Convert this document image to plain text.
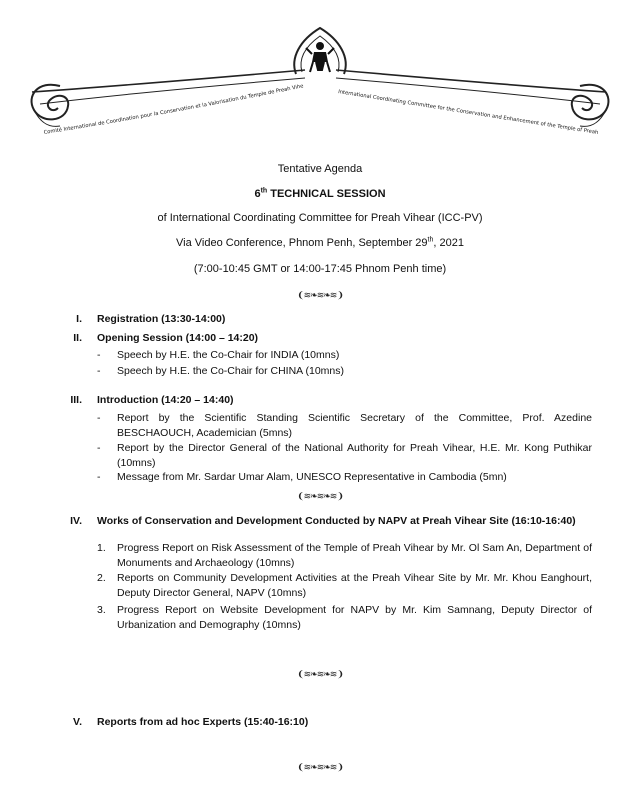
Comité International de Coordination pour la Conservation et la Valorisation du Temple de Preah Vihe
International Coordinating Committee for the Conservation and Enhancement of the Temple of Preah
Tentative Agenda
6th TECHNICAL SESSION
of International Coordinating Committee for Preah Vihear (ICC-PV)
Via Video Conference, Phnom Penh, September 29th, 2021
(7:00-10:45 GMT or 14:00-17:45 Phnom Penh time)
❨≋❧≋❧≋❩
I. Registration (13:30-14:00)
II. Opening Session (14:00 – 14:20)
-	Speech by H.E. the Co-Chair for INDIA (10mns)
-	Speech by H.E. the Co-Chair for CHINA (10mns)
III. Introduction (14:20 – 14:40)
-	Report by the Scientific Standing Scientific Secretary of the Committee, Prof. Azedine BESCHAOUCH, Academician (5mns)
-	Report by the Director General of the National Authority for Preah Vihear, H.E. Mr. Kong Puthikar (10mns)
-	Message from Mr. Sardar Umar Alam, UNESCO Representative in Cambodia (5mn)
❨≋❧≋❧≋❩
IV. Works of Conservation and Development Conducted by NAPV at Preah Vihear Site (16:10-16:40)
1.	Progress Report on Risk Assessment of the Temple of Preah Vihear by Mr. Ol Sam An, Department of Monuments and Archaeology (10mns)
2.	Reports on Community Development Activities at the Preah Vihear Site by Mr. Mr. Khou Eanghourt, Deputy Director General, NAPV (10mns)
3.	Progress Report on Website Development for NAPV by Mr. Kim Samnang, Deputy Director of Urbanization and Demography (10mns)
❨≋❧≋❧≋❩
V. Reports from ad hoc Experts (15:40-16:10)
❨≋❧≋❧≋❩
